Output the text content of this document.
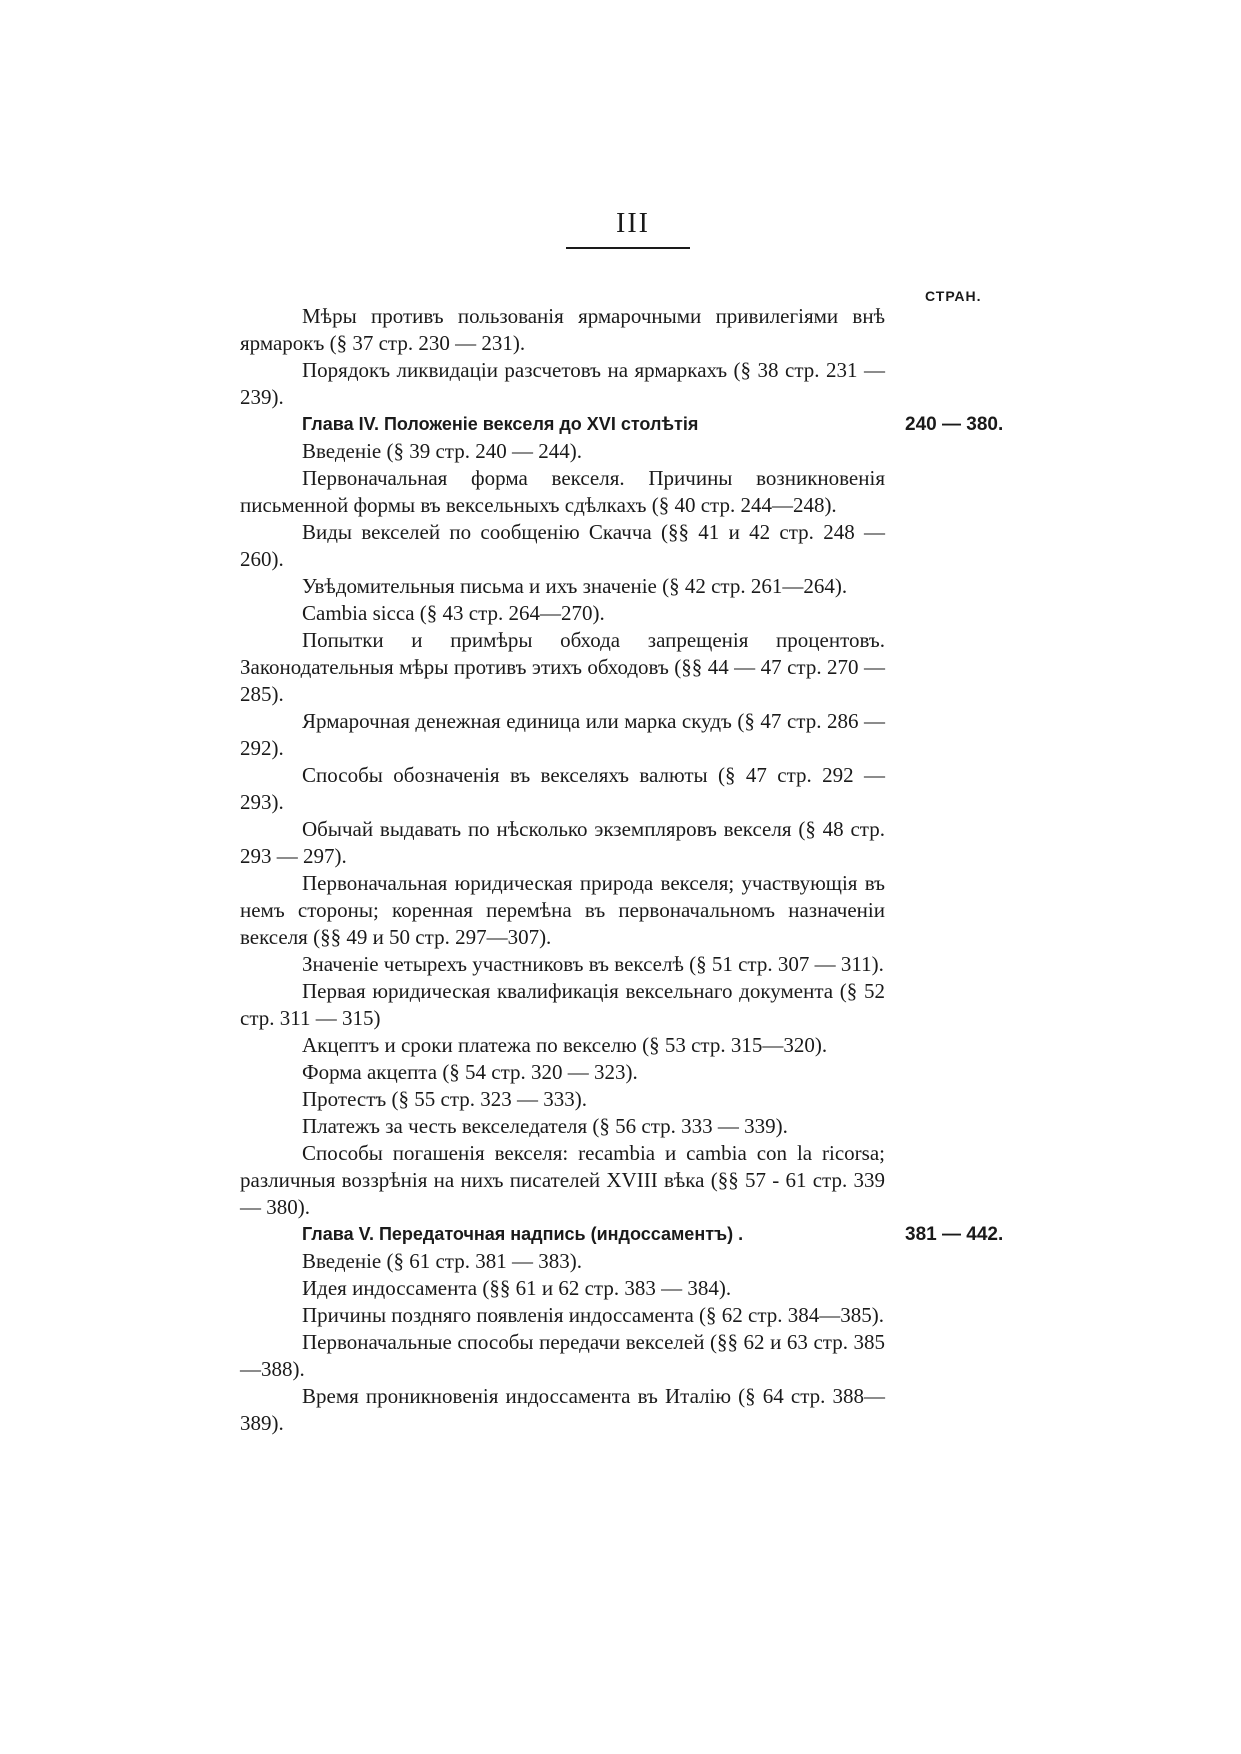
III
СТРАН.

Мѣры противъ пользованія ярмарочными привилегіями внѣ ярмарокъ (§ 37 стр. 230 — 231).

Порядокъ ликвидаціи разсчетовъ на ярмаркахъ (§ 38 стр. 231 — 239).

Глава IV. Положеніе векселя до XVI столѣтія	240 — 380.

Введеніе (§ 39 стр. 240 — 244).

Первоначальная форма векселя. Причины возникновенія письменной формы въ вексельныхъ сдѣлкахъ (§ 40 стр. 244—248).

Виды векселей по сообщенію Скачча (§§ 41 и 42 стр. 248 — 260).

Увѣдомительныя письма и ихъ значеніе (§ 42 стр. 261—264).

Cambia sicca (§ 43 стр. 264—270).

Попытки и примѣры обхода запрещенія процентовъ. Законодательныя мѣры противъ этихъ обходовъ (§§ 44 — 47 стр. 270 — 285).

Ярмарочная денежная единица или марка скудъ (§ 47 стр. 286 — 292).

Способы обозначенія въ векселяхъ валюты (§ 47 стр. 292 — 293).

Обычай выдавать по нѣсколько экземпляровъ векселя (§ 48 стр. 293 — 297).

Первоначальная юридическая природа векселя; участвующія въ немъ стороны; коренная перемѣна въ первоначальномъ назначеніи векселя (§§ 49 и 50 стр. 297—307).

Значеніе четырехъ участниковъ въ векселѣ (§ 51 стр. 307 — 311).

Первая юридическая квалификація вексельнаго документа (§ 52 стр. 311 — 315)

Акцептъ и сроки платежа по векселю (§ 53 стр. 315—320).

Форма акцепта (§ 54 стр. 320 — 323).

Протестъ (§ 55 стр. 323 — 333).

Платежъ за честь векселедателя (§ 56 стр. 333 — 339).

Способы погашенія векселя: recambia и cambia con la ricorsa; различныя воззрѣнія на нихъ писателей XVIII вѣка (§§ 57 - 61 стр. 339 — 380).

Глава V. Передаточная надпись (индоссаментъ) .	381 — 442.

Введеніе (§ 61 стр. 381 — 383).

Идея индоссамента (§§ 61 и 62 стр. 383 — 384).

Причины поздняго появленія индоссамента (§ 62 стр. 384—385).

Первоначальные способы передачи векселей (§§ 62 и 63 стр. 385—388).

Время проникновенія индоссамента въ Италію (§ 64 стр. 388—389).
